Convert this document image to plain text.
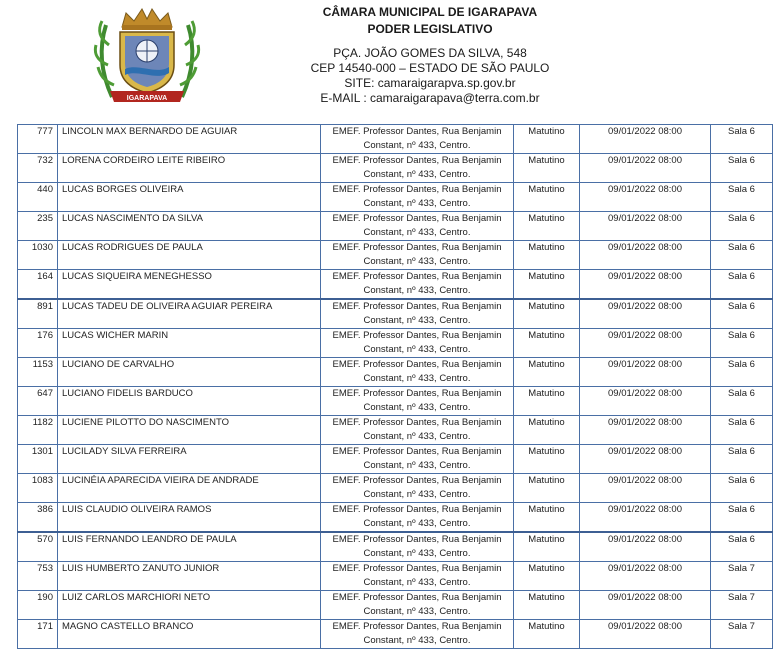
IGARAPAVA
CÂMARA MUNICIPAL DE IGARAPAVA
PODER LEGISLATIVO
PÇA. JOÃO GOMES DA SILVA, 548
CEP 14540-000 – ESTADO DE SÃO PAULO
SITE: camaraigarapva.sp.gov.br
E-MAIL : camaraigarapava@terra.com.br
777	LINCOLN MAX BERNARDO DE AGUIAR	EMEF. Professor Dantes, Rua Benjamin
Constant, nº 433, Centro.	Matutino	09/01/2022 08:00	Sala 6
732	LORENA CORDEIRO LEITE RIBEIRO	EMEF. Professor Dantes, Rua Benjamin
Constant, nº 433, Centro.	Matutino	09/01/2022 08:00	Sala 6
440	LUCAS BORGES OLIVEIRA	EMEF. Professor Dantes, Rua Benjamin
Constant, nº 433, Centro.	Matutino	09/01/2022 08:00	Sala 6
235	LUCAS NASCIMENTO DA SILVA	EMEF. Professor Dantes, Rua Benjamin
Constant, nº 433, Centro.	Matutino	09/01/2022 08:00	Sala 6
1030	LUCAS RODRIGUES DE PAULA	EMEF. Professor Dantes, Rua Benjamin
Constant, nº 433, Centro.	Matutino	09/01/2022 08:00	Sala 6
164	LUCAS SIQUEIRA MENEGHESSO	EMEF. Professor Dantes, Rua Benjamin
Constant, nº 433, Centro.	Matutino	09/01/2022 08:00	Sala 6
891	LUCAS TADEU DE OLIVEIRA AGUIAR PEREIRA	EMEF. Professor Dantes, Rua Benjamin
Constant, nº 433, Centro.	Matutino	09/01/2022 08:00	Sala 6
176	LUCAS WICHER MARIN	EMEF. Professor Dantes, Rua Benjamin
Constant, nº 433, Centro.	Matutino	09/01/2022 08:00	Sala 6
1153	LUCIANO DE CARVALHO	EMEF. Professor Dantes, Rua Benjamin
Constant, nº 433, Centro.	Matutino	09/01/2022 08:00	Sala 6
647	LUCIANO FIDELIS BARDUCO	EMEF. Professor Dantes, Rua Benjamin
Constant, nº 433, Centro.	Matutino	09/01/2022 08:00	Sala 6
1182	LUCIENE PILOTTO DO NASCIMENTO	EMEF. Professor Dantes, Rua Benjamin
Constant, nº 433, Centro.	Matutino	09/01/2022 08:00	Sala 6
1301	LUCILADY SILVA FERREIRA	EMEF. Professor Dantes, Rua Benjamin
Constant, nº 433, Centro.	Matutino	09/01/2022 08:00	Sala 6
1083	LUCINÉIA APARECIDA VIEIRA DE ANDRADE	EMEF. Professor Dantes, Rua Benjamin
Constant, nº 433, Centro.	Matutino	09/01/2022 08:00	Sala 6
386	LUIS CLAUDIO OLIVEIRA RAMOS	EMEF. Professor Dantes, Rua Benjamin
Constant, nº 433, Centro.	Matutino	09/01/2022 08:00	Sala 6
570	LUIS FERNANDO LEANDRO DE PAULA	EMEF. Professor Dantes, Rua Benjamin
Constant, nº 433, Centro.	Matutino	09/01/2022 08:00	Sala 6
753	LUIS HUMBERTO ZANUTO JUNIOR	EMEF. Professor Dantes, Rua Benjamin
Constant, nº 433, Centro.	Matutino	09/01/2022 08:00	Sala 7
190	LUIZ CARLOS MARCHIORI NETO	EMEF. Professor Dantes, Rua Benjamin
Constant, nº 433, Centro.	Matutino	09/01/2022 08:00	Sala 7
171	MAGNO CASTELLO BRANCO	EMEF. Professor Dantes, Rua Benjamin
Constant, nº 433, Centro.	Matutino	09/01/2022 08:00	Sala 7
